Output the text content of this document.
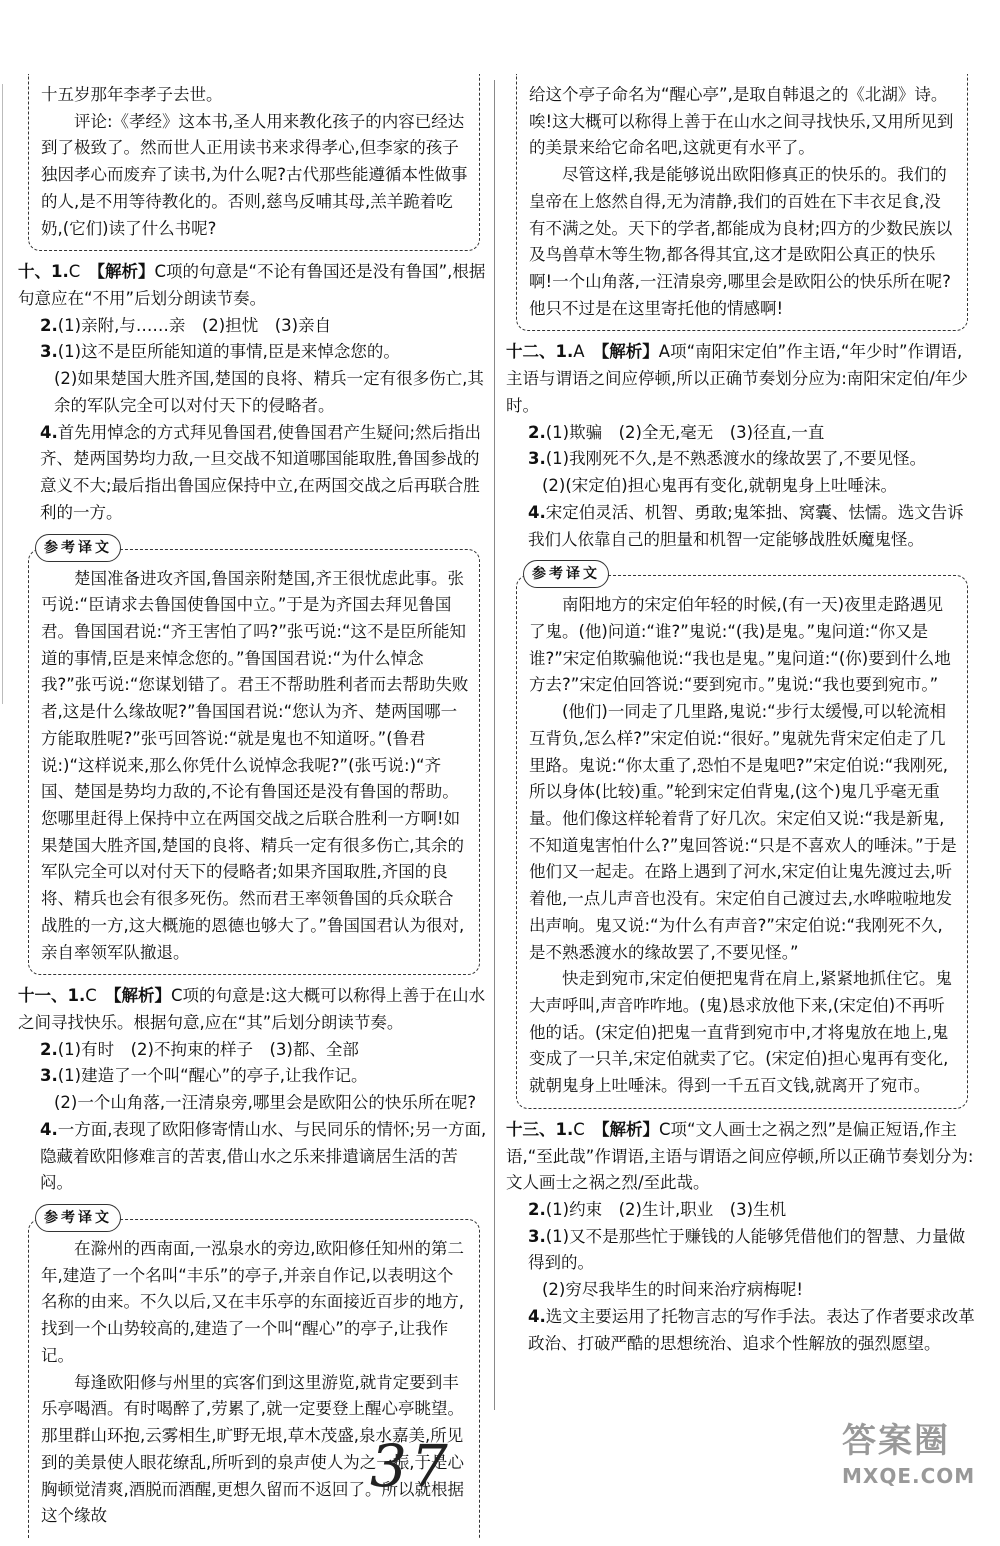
十五岁那年李孝子去世。

评论:《孝经》这本书,圣人用来教化孩子的内容已经达到了极致了。然而世人正用读书来求得孝心,但李家的孩子独因孝心而废弃了读书,为什么呢?古代那些能遵循本性做事的人,是不用等待教化的。否则,慈鸟反哺其母,羔羊跪着吃奶,(它们)读了什么书呢?

十、1.C　 【解析】C项的句意是“不论有鲁国还是没有鲁国”,根据句意应在“不用”后划分朗读节奏。
2.(1)亲附,与……亲　(2)担忧　(3)亲自
3.(1)这不是臣所能知道的事情,臣是来悼念您的。
(2)如果楚国大胜齐国,楚国的良将、精兵一定有很多伤亡,其余的军队完全可以对付天下的侵略者。
4.首先用悼念的方式拜见鲁国君,使鲁国君产生疑问;然后指出齐、楚两国势均力敌,一旦交战不知道哪国能取胜,鲁国参战的意义不大;最后指出鲁国应保持中立,在两国交战之后再联合胜利的一方。
参考译文

楚国准备进攻齐国,鲁国亲附楚国,齐王很忧虑此事。张丐说:“臣请求去鲁国使鲁国中立。”于是为齐国去拜见鲁国君。鲁国国君说:“齐王害怕了吗?”张丐说:“这不是臣所能知道的事情,臣是来悼念您的。”鲁国国君说:“为什么悼念我?”张丐说:“您谋划错了。君王不帮助胜利者而去帮助失败者,这是什么缘故呢?”鲁国国君说:“您认为齐、楚两国哪一方能取胜呢?”张丐回答说:“就是鬼也不知道呀。”(鲁君说:)“这样说来,那么你凭什么说悼念我呢?”(张丐说:)“齐国、楚国是势均力敌的,不论有鲁国还是没有鲁国的帮助。您哪里赶得上保持中立在两国交战之后联合胜利一方啊!如果楚国大胜齐国,楚国的良将、精兵一定有很多伤亡,其余的军队完全可以对付天下的侵略者;如果齐国取胜,齐国的良将、精兵也会有很多死伤。然而君王率领鲁国的兵众联合战胜的一方,这大概施的恩德也够大了。”鲁国国君认为很对,亲自率领军队撤退。

十一、1.C　 【解析】C项的句意是:这大概可以称得上善于在山水之间寻找快乐。根据句意,应在“其”后划分朗读节奏。
2.(1)有时　(2)不拘束的样子　(3)都、全部
3.(1)建造了一个叫“醒心”的亭子,让我作记。
(2)一个山角落,一汪清泉旁,哪里会是欧阳公的快乐所在呢?
4.一方面,表现了欧阳修寄情山水、与民同乐的情怀;另一方面,隐藏着欧阳修难言的苦衷,借山水之乐来排遣谪居生活的苦闷。
参考译文

在滁州的西南面,一泓泉水的旁边,欧阳修任知州的第二年,建造了一个名叫“丰乐”的亭子,并亲自作记,以表明这个名称的由来。不久以后,又在丰乐亭的东面接近百步的地方,找到一个山势较高的,建造了一个叫“醒心”的亭子,让我作记。

每逢欧阳修与州里的宾客们到这里游览,就肯定要到丰乐亭喝酒。有时喝醉了,劳累了,就一定要登上醒心亭眺望。那里群山环抱,云雾相生,旷野无垠,草木茂盛,泉水嘉美,所见到的美景使人眼花缭乱,所听到的泉声使人为之一振,于是心胸顿觉清爽,酒脱而酒醒,更想久留而不返回了。所以就根据这个缘故

给这个亭子命名为“醒心亭”,是取自韩退之的《北湖》诗。唉!这大概可以称得上善于在山水之间寻找快乐,又用所见到的美景来给它命名吧,这就更有水平了。

尽管这样,我是能够说出欧阳修真正的快乐的。我们的皇帝在上悠然自得,无为清静,我们的百姓在下丰衣足食,没有不满之处。天下的学者,都能成为良材;四方的少数民族以及鸟兽草木等生物,都各得其宜,这才是欧阳公真正的快乐啊!一个山角落,一汪清泉旁,哪里会是欧阳公的快乐所在呢?他只不过是在这里寄托他的情感啊!

十二、1.A　 【解析】A项“南阳宋定伯”作主语,“年少时”作谓语,主语与谓语之间应停顿,所以正确节奏划分应为:南阳宋定伯/年少时。
2.(1)欺骗　(2)全无,毫无　(3)径直,一直
3.(1)我刚死不久,是不熟悉渡水的缘故罢了,不要见怪。
(2)(宋定伯)担心鬼再有变化,就朝鬼身上吐唾沫。
4.宋定伯灵活、机智、勇敢;鬼笨拙、窝囊、怯懦。选文告诉我们人依靠自己的胆量和机智一定能够战胜妖魔鬼怪。
参考译文

南阳地方的宋定伯年轻的时候,(有一天)夜里走路遇见了鬼。(他)问道:“谁?”鬼说:“(我)是鬼。”鬼问道:“你又是谁?”宋定伯欺骗他说:“我也是鬼。”鬼问道:“(你)要到什么地方去?”宋定伯回答说:“要到宛市。”鬼说:“我也要到宛市。”

(他们)一同走了几里路,鬼说:“步行太缓慢,可以轮流相互背负,怎么样?”宋定伯说:“很好。”鬼就先背宋定伯走了几里路。鬼说:“你太重了,恐怕不是鬼吧?”宋定伯说:“我刚死,所以身体(比较)重。”轮到宋定伯背鬼,(这个)鬼几乎毫无重量。他们像这样轮着背了好几次。宋定伯又说:“我是新鬼,不知道鬼害怕什么?”鬼回答说:“只是不喜欢人的唾沫。”于是他们又一起走。在路上遇到了河水,宋定伯让鬼先渡过去,听着他,一点儿声音也没有。宋定伯自己渡过去,水哗啦啦地发出声响。鬼又说:“为什么有声音?”宋定伯说:“我刚死不久,是不熟悉渡水的缘故罢了,不要见怪。”

快走到宛市,宋定伯便把鬼背在肩上,紧紧地抓住它。鬼大声呼叫,声音咋咋地。(鬼)恳求放他下来,(宋定伯)不再听他的话。(宋定伯)把鬼一直背到宛市中,才将鬼放在地上,鬼变成了一只羊,宋定伯就卖了它。(宋定伯)担心鬼再有变化,就朝鬼身上吐唾沫。得到一千五百文钱,就离开了宛市。

十三、1.C　 【解析】C项“文人画士之祸之烈”是偏正短语,作主语,“至此哉”作谓语,主语与谓语之间应停顿,所以正确节奏划分为:文人画士之祸之烈/至此哉。
2.(1)约束　(2)生计,职业　(3)生机
3.(1)又不是那些忙于赚钱的人能够凭借他们的智慧、力量做得到的。
(2)穷尽我毕生的时间来治疗病梅呢!
4.选文主要运用了托物言志的写作手法。表达了作者要求改革政治、打破严酷的思想统治、追求个性解放的强烈愿望。
37	答案圈
MXQE.COM
